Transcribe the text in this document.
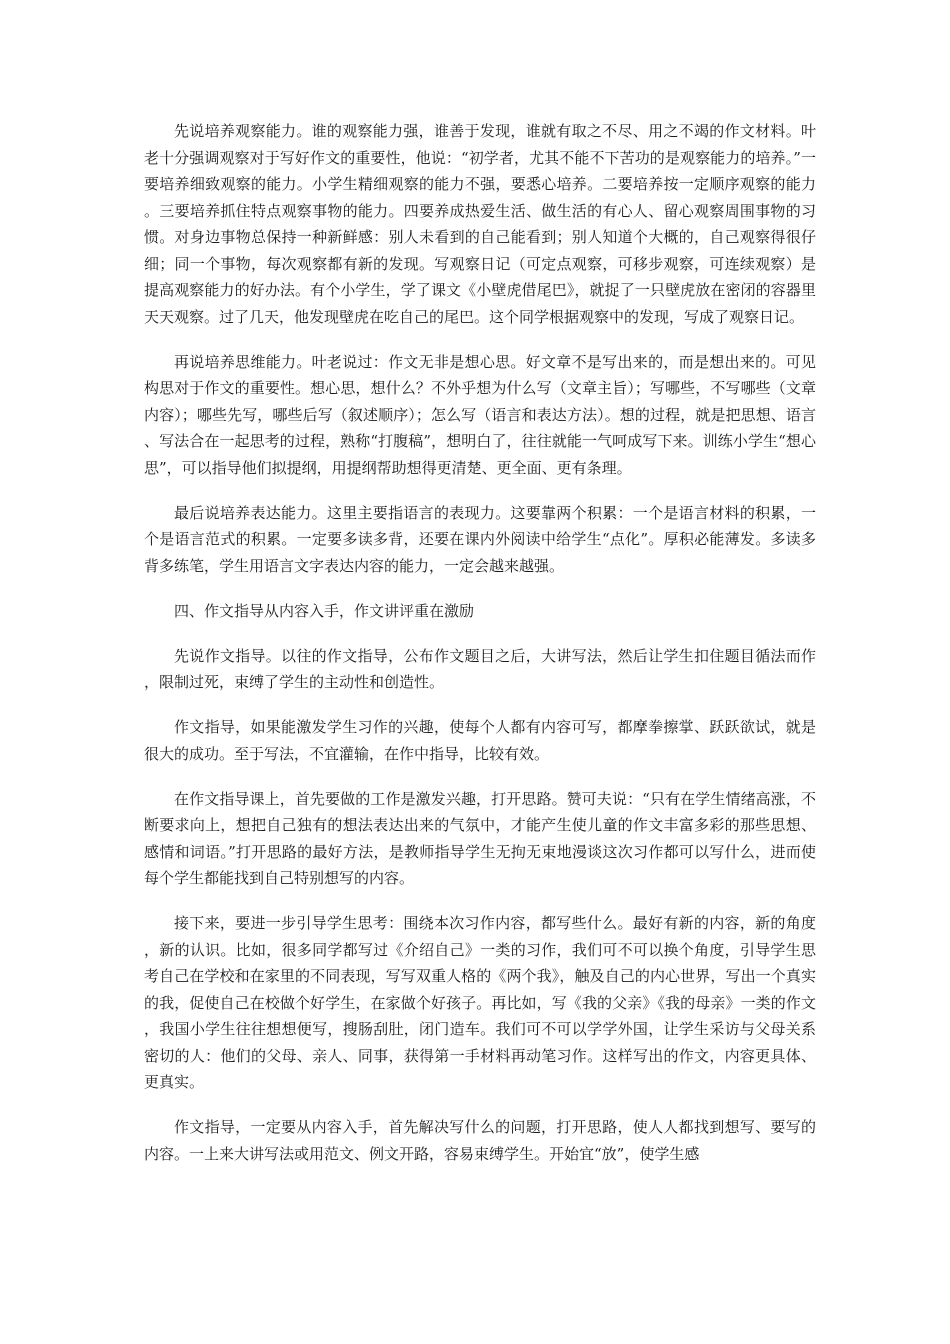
先说培养观察能力。谁的观察能力强，谁善于发现，谁就有取之不尽、用之不竭的作文材料。叶老十分强调观察对于写好作文的重要性，他说：“初学者，尤其不能不下苦功的是观察能力的培养。”一要培养细致观察的能力。小学生精细观察的能力不强，要悉心培养。二要培养按一定顺序观察的能力。三要培养抓住特点观察事物的能力。四要养成热爱生活、做生活的有心人、留心观察周围事物的习惯。对身边事物总保持一种新鲜感：别人未看到的自己能看到；别人知道个大概的，自己观察得很仔细；同一个事物，每次观察都有新的发现。写观察日记（可定点观察，可移步观察，可连续观察）是提高观察能力的好办法。有个小学生，学了课文《小壁虎借尾巴》，就捉了一只壁虎放在密闭的容器里天天观察。过了几天，他发现壁虎在吃自己的尾巴。这个同学根据观察中的发现，写成了观察日记。

再说培养思维能力。叶老说过：作文无非是想心思。好文章不是写出来的，而是想出来的。可见构思对于作文的重要性。想心思，想什么？不外乎想为什么写（文章主旨）；写哪些，不写哪些（文章内容）；哪些先写，哪些后写（叙述顺序）；怎么写（语言和表达方法）。想的过程，就是把思想、语言、写法合在一起思考的过程，熟称“打腹稿”，想明白了，往往就能一气呵成写下来。训练小学生“想心思”，可以指导他们拟提纲，用提纲帮助想得更清楚、更全面、更有条理。

最后说培养表达能力。这里主要指语言的表现力。这要靠两个积累：一个是语言材料的积累，一个是语言范式的积累。一定要多读多背，还要在课内外阅读中给学生“点化”。厚积必能薄发。多读多背多练笔，学生用语言文字表达内容的能力，一定会越来越强。

四、作文指导从内容入手，作文讲评重在激励

先说作文指导。以往的作文指导，公布作文题目之后，大讲写法，然后让学生扣住题目循法而作，限制过死，束缚了学生的主动性和创造性。

作文指导，如果能激发学生习作的兴趣，使每个人都有内容可写，都摩拳擦掌、跃跃欲试，就是很大的成功。至于写法，不宜灌输，在作中指导，比较有效。

在作文指导课上，首先要做的工作是激发兴趣，打开思路。赞可夫说：“只有在学生情绪高涨，不断要求向上，想把自己独有的想法表达出来的气氛中，才能产生使儿童的作文丰富多彩的那些思想、感情和词语。”打开思路的最好方法，是教师指导学生无拘无束地漫谈这次习作都可以写什么，进而使每个学生都能找到自己特别想写的内容。

接下来，要进一步引导学生思考：围绕本次习作内容，都写些什么。最好有新的内容，新的角度，新的认识。比如，很多同学都写过《介绍自己》一类的习作，我们可不可以换个角度，引导学生思考自己在学校和在家里的不同表现，写写双重人格的《两个我》，触及自己的内心世界，写出一个真实的我，促使自己在校做个好学生，在家做个好孩子。再比如，写《我的父亲》《我的母亲》一类的作文，我国小学生往往想想便写，搜肠刮肚，闭门造车。我们可不可以学学外国，让学生采访与父母关系密切的人：他们的父母、亲人、同事，获得第一手材料再动笔习作。这样写出的作文，内容更具体、更真实。

作文指导，一定要从内容入手，首先解决写什么的问题，打开思路，使人人都找到想写、要写的内容。一上来大讲写法或用范文、例文开路，容易束缚学生。开始宜“放”，使学生感
